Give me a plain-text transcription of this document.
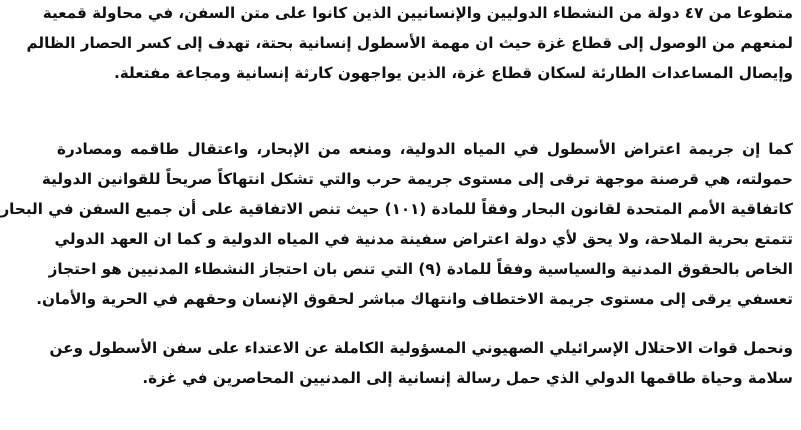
متطوعا من ٤٧ دولة من النشطاء الدوليين والإنسانيين الذين كانوا على متن السفن، في محاولة قمعية
لمنعهم من الوصول إلى قطاع غزة حيث ان مهمة الأسطول إنسانية بحتة، تهدف إلى كسر الحصار الظالم
وإيصال المساعدات الطارئة لسكان قطاع غزة، الذين يواجهون كارثة إنسانية ومجاعة مفتعلة.
كما إن جريمة اعتراض الأسطول في المياه الدولية، ومنعه من الإبحار، واعتقال طاقمه ومصادرة
حمولته، هي قرصنة موجهة ترقى إلى مستوى جريمة حرب والتي تشكل انتهاكاً صريحاً للقوانين الدولية
كاتفاقية الأمم المتحدة لقانون البحار وفقاً للمادة (١٠١) حيث تنص الاتفاقية على أن جميع السفن في البحار
تتمتع بحرية الملاحة، ولا يحق لأي دولة اعتراض سفينة مدنية في المياه الدولية و كما ان العهد الدولي
الخاص بالحقوق المدنية والسياسية وفقاً للمادة (٩) التي تنص بان احتجاز النشطاء المدنيين هو احتجاز
تعسفي يرقى إلى مستوى جريمة الاختطاف وانتهاك مباشر لحقوق الإنسان وحقهم في الحرية والأمان.
ونحمل قوات الاحتلال الإسرائيلي الصهيوني المسؤولية الكاملة عن الاعتداء على سفن الأسطول وعن
سلامة وحياة طاقمها الدولي الذي حمل رسالة إنسانية إلى المدنيين المحاصرين في غزة.
